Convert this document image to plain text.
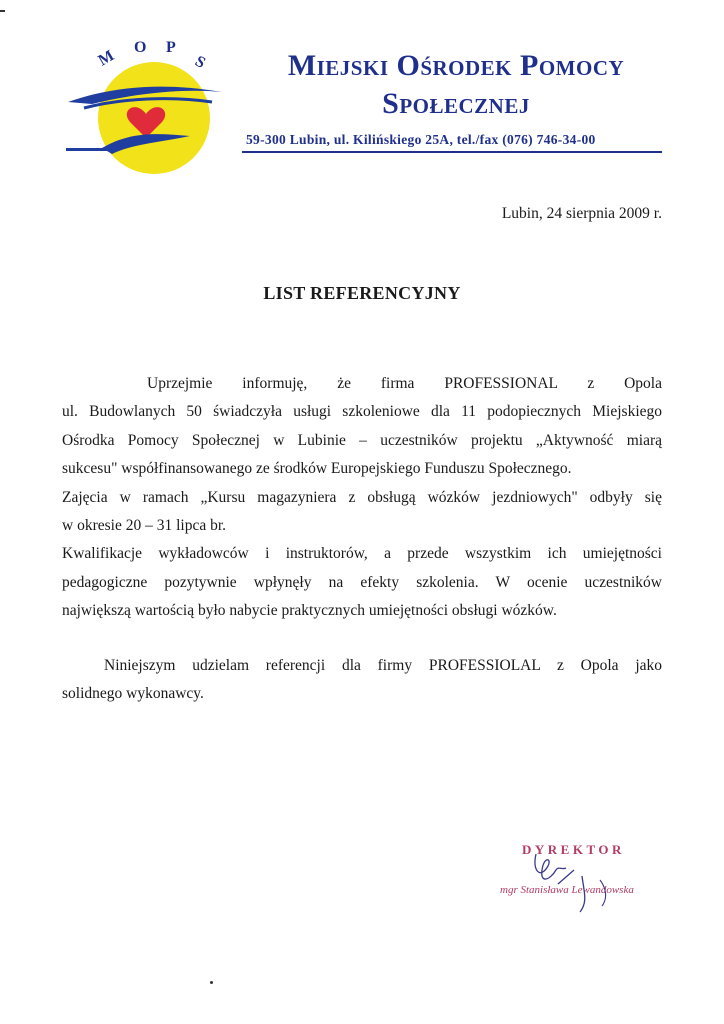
M O P
S	Miejski Ośrodek Pomocy
Społecznej
59-300 Lubin, ul. Kilińskiego 25A, tel./fax (076) 746-34-00
Lubin, 24 sierpnia 2009 r.
LIST REFERENCYJNY

Uprzejmie informuję, że firma PROFESSIONAL z Opola

ul. Budowlanych 50 świadczyła usługi szkoleniowe dla 11 podopiecznych Miejskiego

Ośrodka Pomocy Społecznej w Lubinie – uczestników projektu „Aktywność miarą

sukcesu" współfinansowanego ze środków Europejskiego Funduszu Społecznego.

Zajęcia w ramach „Kursu magazyniera z obsługą wózków jezdniowych" odbyły się

w okresie 20 – 31 lipca br.

Kwalifikacje wykładowców i instruktorów, a przede wszystkim ich umiejętności

pedagogiczne pozytywnie wpłynęły na efekty szkolenia. W ocenie uczestników

największą wartością było nabycie praktycznych umiejętności obsługi wózków.

Niniejszym udzielam referencji dla firmy PROFESSIOLAL z Opola jako

solidnego wykonawcy.

DYREKTOR
mgr Stanisława Lewandowska
